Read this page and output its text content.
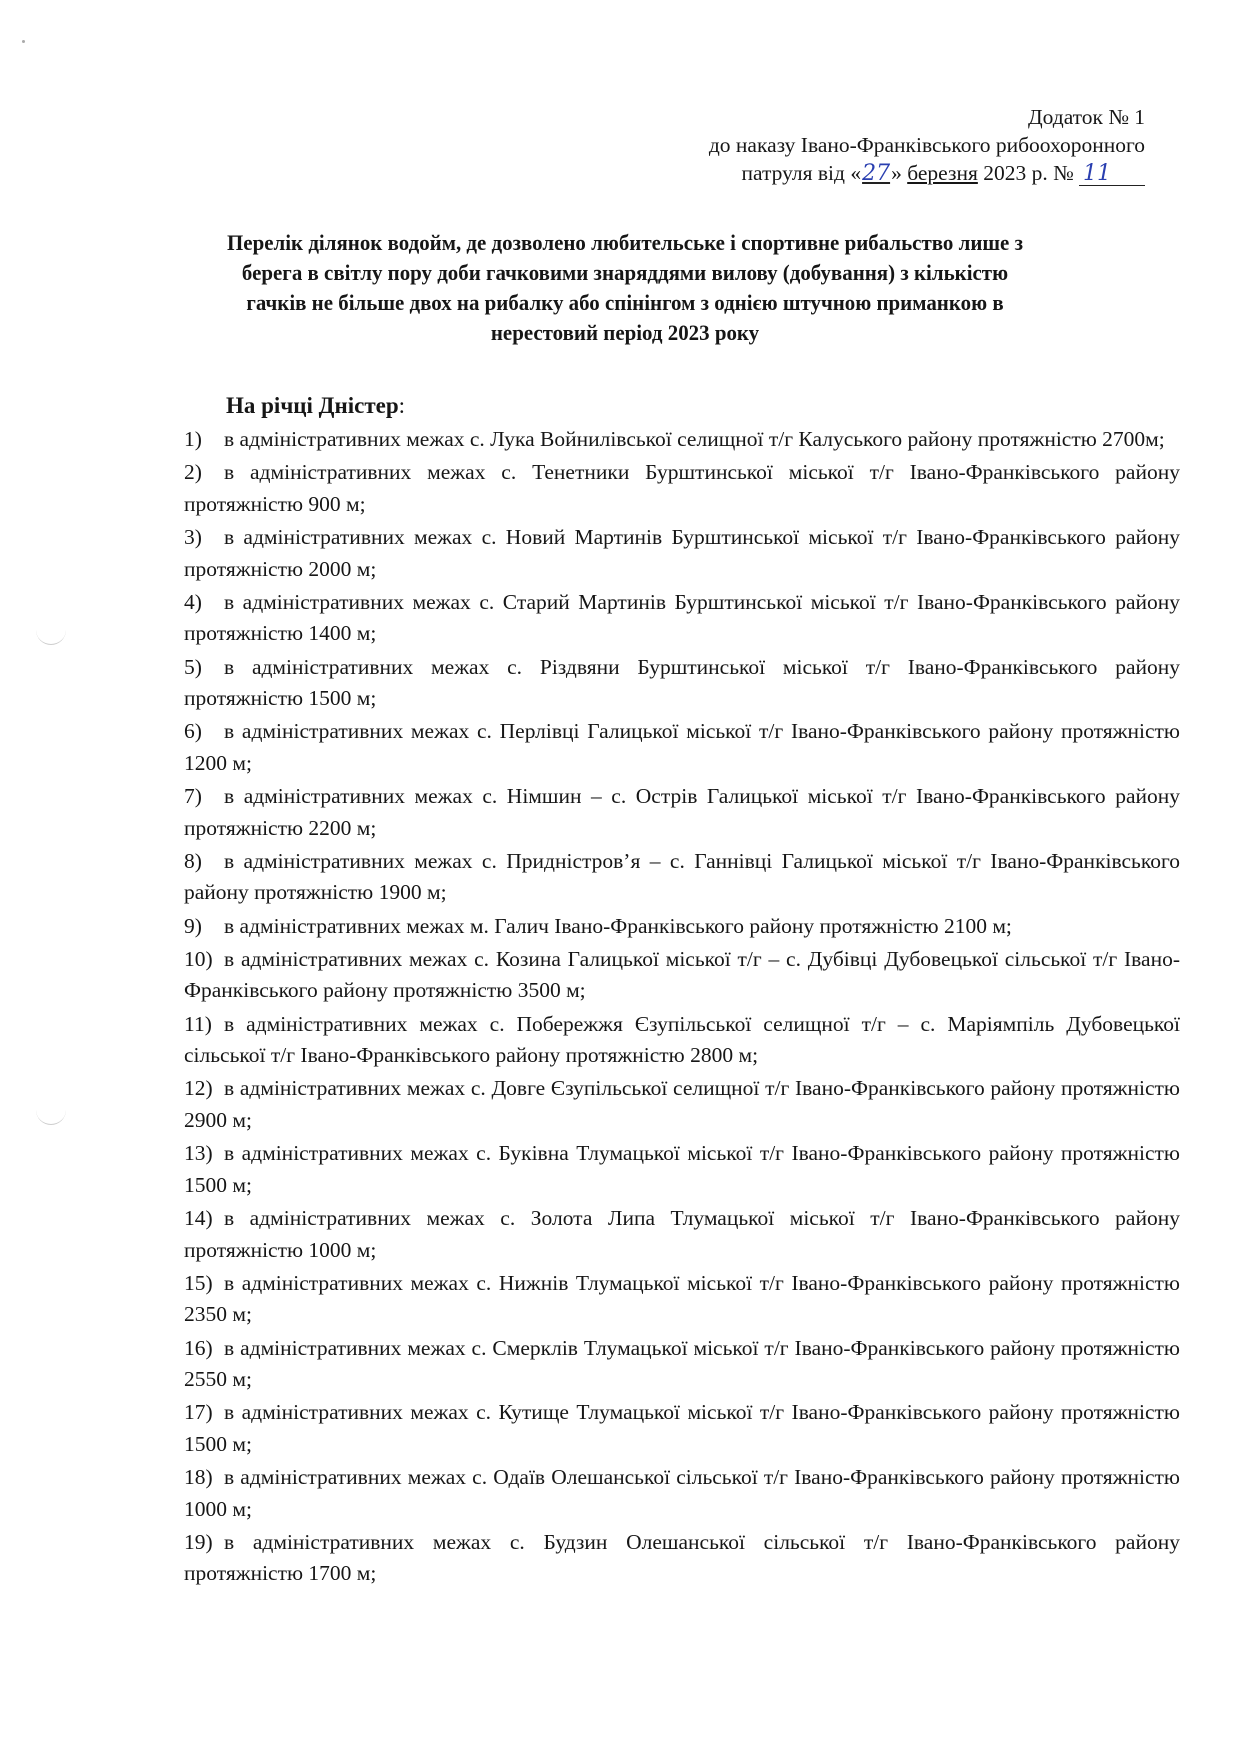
Додаток № 1
до наказу Івано-Франківського рибоохоронного
патруля від «27» березня 2023 р. № 11
Перелік ділянок водойм, де дозволено любительське і спортивне рибальство лише з берега в світлу пору доби гачковими знаряддями вилову (добування) з кількістю гачків не більше двох на рибалку або спінінгом з однією штучною приманкою в нерестовий період 2023 року
На річці Дністер:
1) в адміністративних межах с. Лука Войнилівської селищної т/г Калуського району протяжністю 2700м;
2) в адміністративних межах с. Тенетники Бурштинської міської т/г Івано-Франківського району протяжністю 900 м;
3) в адміністративних межах с. Новий Мартинів Бурштинської міської т/г Івано-Франківського району протяжністю 2000 м;
4) в адміністративних межах с. Старий Мартинів Бурштинської міської т/г Івано-Франківського району протяжністю 1400 м;
5) в адміністративних межах с. Різдвяни Бурштинської міської т/г Івано-Франківського району протяжністю 1500 м;
6) в адміністративних межах с. Перлівці Галицької міської т/г Івано-Франківського району протяжністю 1200 м;
7) в адміністративних межах с. Німшин – с. Острів Галицької міської т/г Івано-Франківського району протяжністю 2200 м;
8) в адміністративних межах с. Придністров’я – с. Ганнівці Галицької міської т/г Івано-Франківського району протяжністю 1900 м;
9) в адміністративних межах м. Галич Івано-Франківського району протяжністю 2100 м;
10) в адміністративних межах с. Козина Галицької міської т/г – с. Дубівці Дубовецької сільської т/г Івано-Франківського району протяжністю 3500 м;
11) в адміністративних межах с. Побережжя Єзупільської селищної т/г – с. Маріямпіль Дубовецької сільської т/г Івано-Франківського району протяжністю 2800 м;
12) в адміністративних межах с. Довге Єзупільської селищної т/г Івано-Франківського району протяжністю 2900 м;
13) в адміністративних межах с. Буківна Тлумацької міської т/г Івано-Франківського району протяжністю 1500 м;
14) в адміністративних межах с. Золота Липа Тлумацької міської т/г Івано-Франківського району протяжністю 1000 м;
15) в адміністративних межах с. Нижнів Тлумацької міської т/г Івано-Франківського району протяжністю 2350 м;
16) в адміністративних межах с. Смерклів Тлумацької міської т/г Івано-Франківського району протяжністю 2550 м;
17) в адміністративних межах с. Кутище Тлумацької міської т/г Івано-Франківського району протяжністю 1500 м;
18) в адміністративних межах с. Одаїв Олешанської сільської т/г Івано-Франківського району протяжністю 1000 м;
19) в адміністративних межах с. Будзин Олешанської сільської т/г Івано-Франківського району протяжністю 1700 м;
